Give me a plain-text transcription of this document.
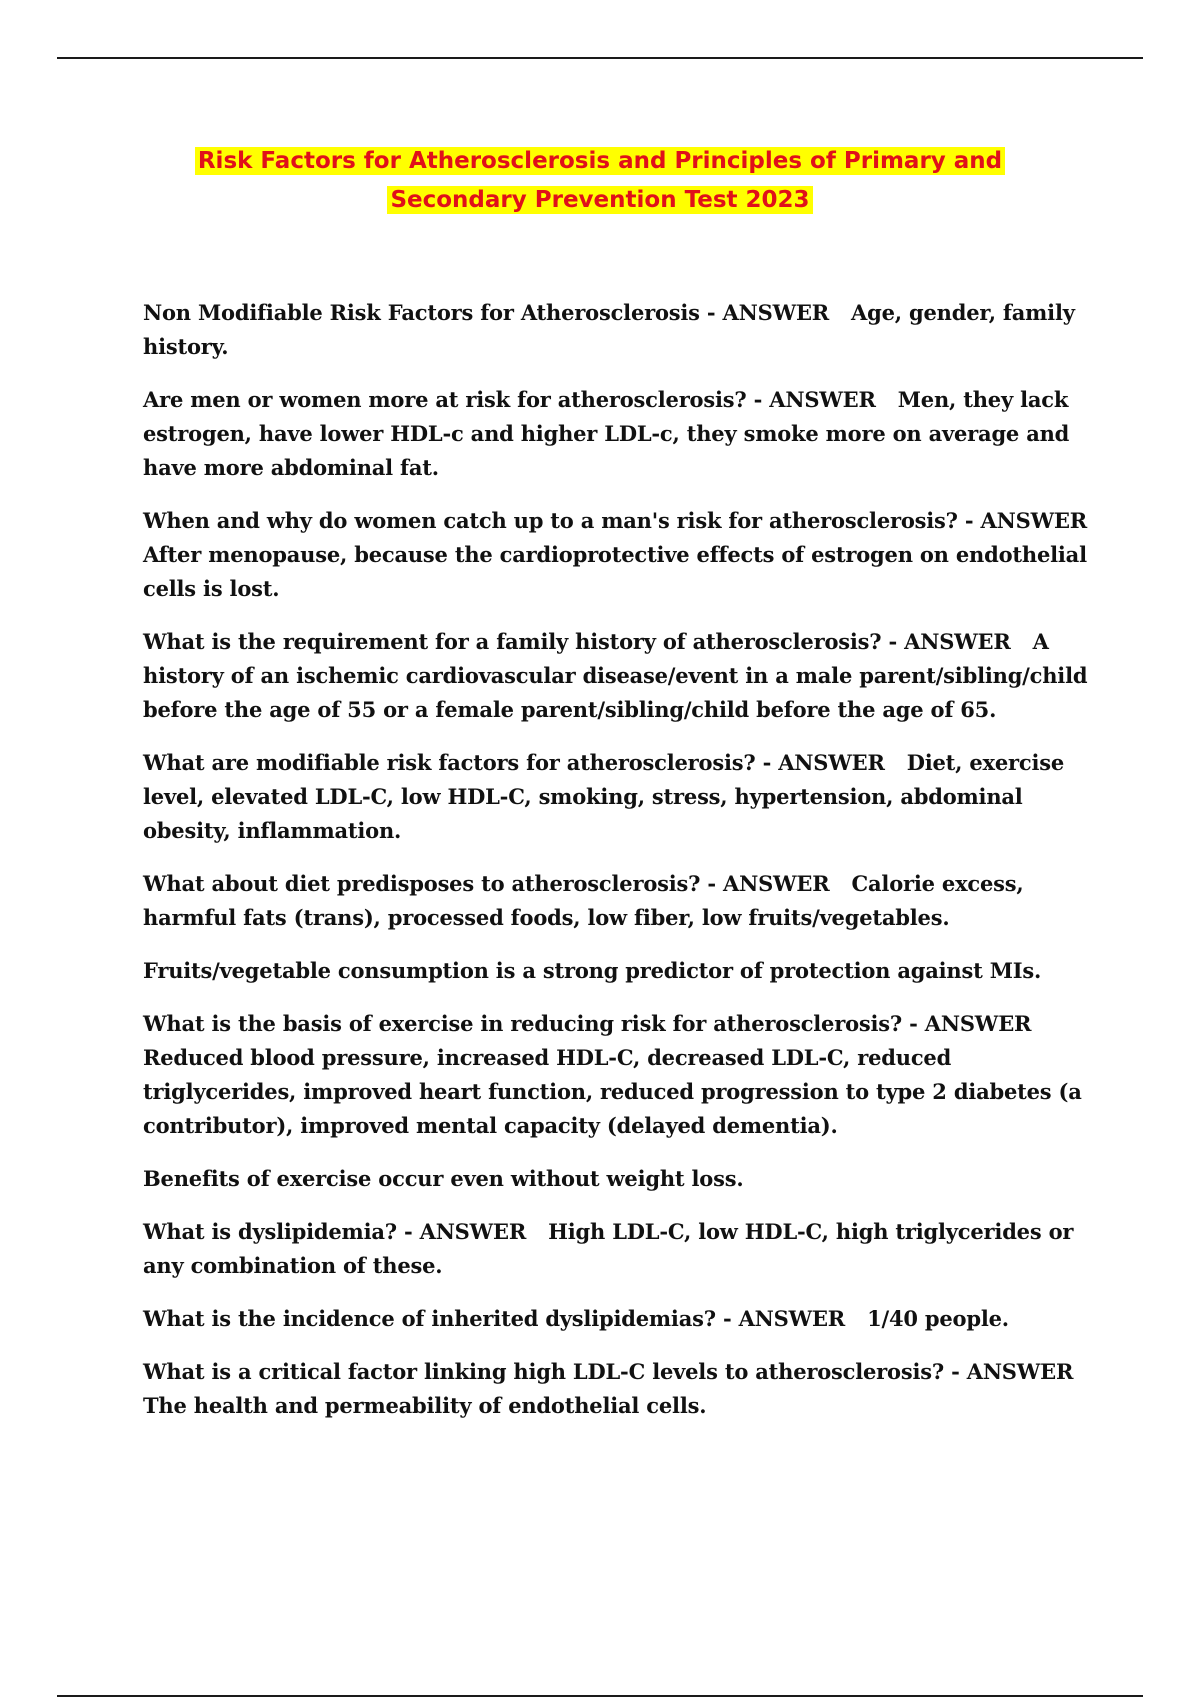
Risk Factors for Atherosclerosis and Principles of Primary and
Secondary Prevention Test 2023

Non Modifiable Risk Factors for Atherosclerosis - ANSWER Age, gender, family history.

Are men or women more at risk for atherosclerosis? - ANSWER Men, they lack estrogen, have lower HDL-c and higher LDL-c, they smoke more on average and have more abdominal fat.

When and why do women catch up to a man's risk for atherosclerosis? - ANSWER After menopause, because the cardioprotective effects of estrogen on endothelial cells is lost.

What is the requirement for a family history of atherosclerosis? - ANSWER A history of an ischemic cardiovascular disease/event in a male parent/sibling/child before the age of 55 or a female parent/sibling/child before the age of 65.

What are modifiable risk factors for atherosclerosis? - ANSWER Diet, exercise level, elevated LDL-C, low HDL-C, smoking, stress, hypertension, abdominal obesity, inflammation.

What about diet predisposes to atherosclerosis? - ANSWER Calorie excess, harmful fats (trans), processed foods, low fiber, low fruits/vegetables.

Fruits/vegetable consumption is a strong predictor of protection against MIs.

What is the basis of exercise in reducing risk for atherosclerosis? - ANSWER Reduced blood pressure, increased HDL-C, decreased LDL-C, reduced triglycerides, improved heart function, reduced progression to type 2 diabetes (a contributor), improved mental capacity (delayed dementia).

Benefits of exercise occur even without weight loss.

What is dyslipidemia? - ANSWER High LDL-C, low HDL-C, high triglycerides or any combination of these.

What is the incidence of inherited dyslipidemias? - ANSWER 1/40 people.

What is a critical factor linking high LDL-C levels to atherosclerosis? - ANSWER The health and permeability of endothelial cells.
